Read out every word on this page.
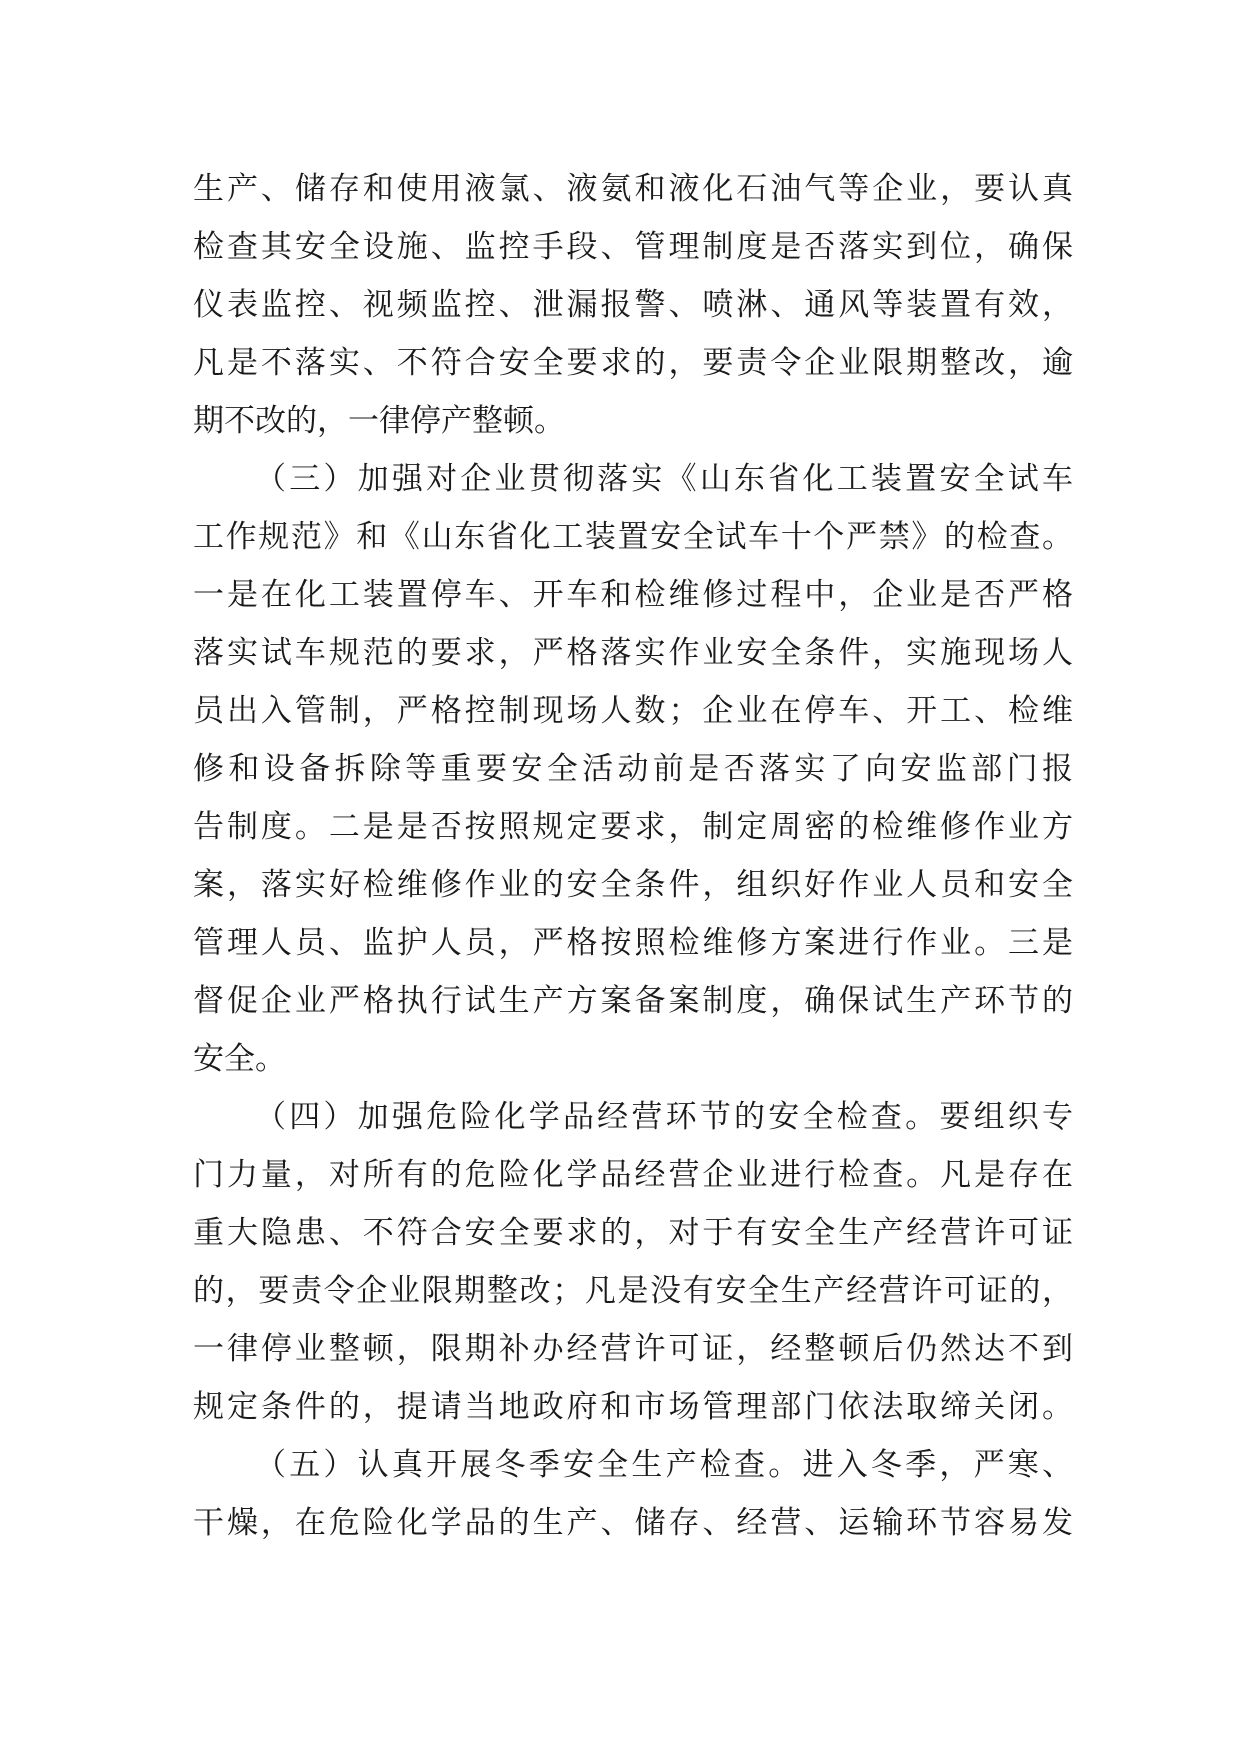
生产、储存和使用液氯、液氨和液化石油气等企业，要认真
检查其安全设施、监控手段、管理制度是否落实到位，确保
仪表监控、视频监控、泄漏报警、喷淋、通风等装置有效，
凡是不落实、不符合安全要求的，要责令企业限期整改，逾
期不改的，一律停产整顿。
（三）加强对企业贯彻落实《山东省化工装置安全试车
工作规范》和《山东省化工装置安全试车十个严禁》的检查。
一是在化工装置停车、开车和检维修过程中，企业是否严格
落实试车规范的要求，严格落实作业安全条件，实施现场人
员出入管制，严格控制现场人数；企业在停车、开工、检维
修和设备拆除等重要安全活动前是否落实了向安监部门报
告制度。二是是否按照规定要求，制定周密的检维修作业方
案，落实好检维修作业的安全条件，组织好作业人员和安全
管理人员、监护人员，严格按照检维修方案进行作业。三是
督促企业严格执行试生产方案备案制度，确保试生产环节的
安全。
（四）加强危险化学品经营环节的安全检查。要组织专
门力量，对所有的危险化学品经营企业进行检查。凡是存在
重大隐患、不符合安全要求的，对于有安全生产经营许可证
的，要责令企业限期整改；凡是没有安全生产经营许可证的，
一律停业整顿，限期补办经营许可证，经整顿后仍然达不到
规定条件的，提请当地政府和市场管理部门依法取缔关闭。
（五）认真开展冬季安全生产检查。进入冬季，严寒、
干燥，在危险化学品的生产、储存、经营、运输环节容易发
